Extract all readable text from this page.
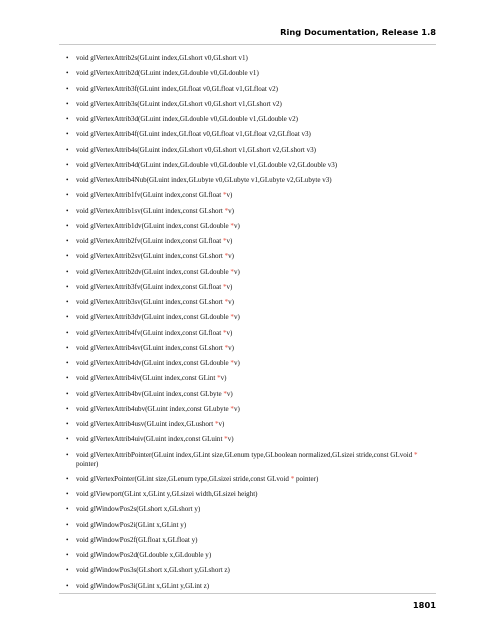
Ring Documentation, Release 1.8
• void glVertexAttrib2s(GLuint index,GLshort v0,GLshort v1)
• void glVertexAttrib2d(GLuint index,GLdouble v0,GLdouble v1)
• void glVertexAttrib3f(GLuint index,GLfloat v0,GLfloat v1,GLfloat v2)
• void glVertexAttrib3s(GLuint index,GLshort v0,GLshort v1,GLshort v2)
• void glVertexAttrib3d(GLuint index,GLdouble v0,GLdouble v1,GLdouble v2)
• void glVertexAttrib4f(GLuint index,GLfloat v0,GLfloat v1,GLfloat v2,GLfloat v3)
• void glVertexAttrib4s(GLuint index,GLshort v0,GLshort v1,GLshort v2,GLshort v3)
• void glVertexAttrib4d(GLuint index,GLdouble v0,GLdouble v1,GLdouble v2,GLdouble v3)
• void glVertexAttrib4Nub(GLuint index,GLubyte v0,GLubyte v1,GLubyte v2,GLubyte v3)
• void glVertexAttrib1fv(GLuint index,const GLfloat *v)
• void glVertexAttrib1sv(GLuint index,const GLshort *v)
• void glVertexAttrib1dv(GLuint index,const GLdouble *v)
• void glVertexAttrib2fv(GLuint index,const GLfloat *v)
• void glVertexAttrib2sv(GLuint index,const GLshort *v)
• void glVertexAttrib2dv(GLuint index,const GLdouble *v)
• void glVertexAttrib3fv(GLuint index,const GLfloat *v)
• void glVertexAttrib3sv(GLuint index,const GLshort *v)
• void glVertexAttrib3dv(GLuint index,const GLdouble *v)
• void glVertexAttrib4fv(GLuint index,const GLfloat *v)
• void glVertexAttrib4sv(GLuint index,const GLshort *v)
• void glVertexAttrib4dv(GLuint index,const GLdouble *v)
• void glVertexAttrib4iv(GLuint index,const GLint *v)
• void glVertexAttrib4bv(GLuint index,const GLbyte *v)
• void glVertexAttrib4ubv(GLuint index,const GLubyte *v)
• void glVertexAttrib4usv(GLuint index,GLushort *v)
• void glVertexAttrib4uiv(GLuint index,const GLuint *v)
• void glVertexAttribPointer(GLuint index,GLint size,GLenum type,GLboolean normalized,GLsizei stride,const GLvoid * pointer)
• void glVertexPointer(GLint size,GLenum type,GLsizei stride,const GLvoid * pointer)
• void glViewport(GLint x,GLint y,GLsizei width,GLsizei height)
• void glWindowPos2s(GLshort x,GLshort y)
• void glWindowPos2i(GLint x,GLint y)
• void glWindowPos2f(GLfloat x,GLfloat y)
• void glWindowPos2d(GLdouble x,GLdouble y)
• void glWindowPos3s(GLshort x,GLshort y,GLshort z)
• void glWindowPos3i(GLint x,GLint y,GLint z)
1801
